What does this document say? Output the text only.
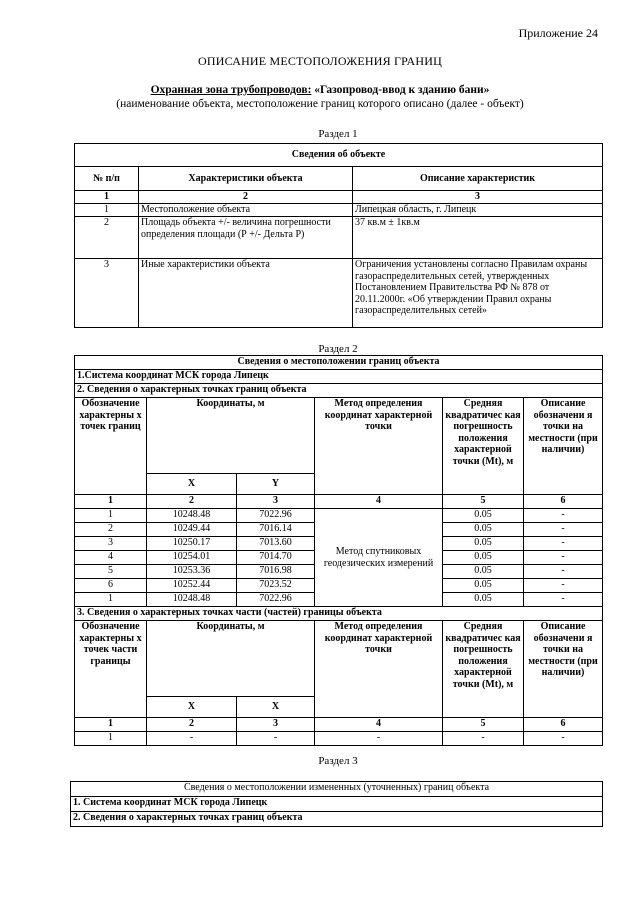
Приложение 24
ОПИСАНИЕ МЕСТОПОЛОЖЕНИЯ ГРАНИЦ
Охранная зона трубопроводов: «Газопровод-ввод к зданию бани»
(наименование объекта, местоположение границ которого описано (далее - объект)
Раздел 1
Сведения об объекте		
№ п/п	Характеристики объекта	Описание характеристик
1	2	3
1	Местоположение объекта	Липецкая область, г. Липецк
2	Площадь объекта +/- величина погрешности определения площади (Р +/- Дельта Р)	37 кв.м ± 1кв.м
3	Иные характеристики объекта	Ограничения установлены согласно Правилам охраны газораспределительных сетей, утвержденных Постановлением Правительства РФ № 878 от 20.11.2000г. «Об утверждении Правил охраны газораспределительных сетей»
Раздел 2
Сведения о местоположении границ объекта					
1.Система координат МСК города Липецк					
2. Сведения о характерных точках границ объекта					
Обозначение характерны х точек границ	Координаты, м		Метод определения координат характерной точки	Средняя квадратичес кая погрешность положения характерной точки (Mt), м	Описание обозначени я точки на местности (при наличии)
	X	Y			
1	2	3	4	5	6
1	10248.48	7022.96	Метод спутниковых геодезических измерений	0.05	-
2	10249.44	7016.14		0.05	-
3	10250.17	7013.60		0.05	-
4	10254.01	7014.70		0.05	-
5	10253.36	7016.98		0.05	-
6	10252.44	7023.52		0.05	-
1	10248.48	7022.96		0.05	-
3. Сведения о характерных точках части (частей) границы объекта					
Обозначение характерны х точек части границы	Координаты, м		Метод определения координат характерной точки	Средняя квадратичес кая погрешность положения характерной точки (Mt), м	Описание обозначени я точки на местности (при наличии)
	X	X			
1	2	3	4	5	6
1	-	-	-	-	-
Раздел 3
Сведения о местоположении измененных (уточненных) границ объекта
1. Система координат МСК города Липецк
2. Сведения о характерных точках границ объекта
